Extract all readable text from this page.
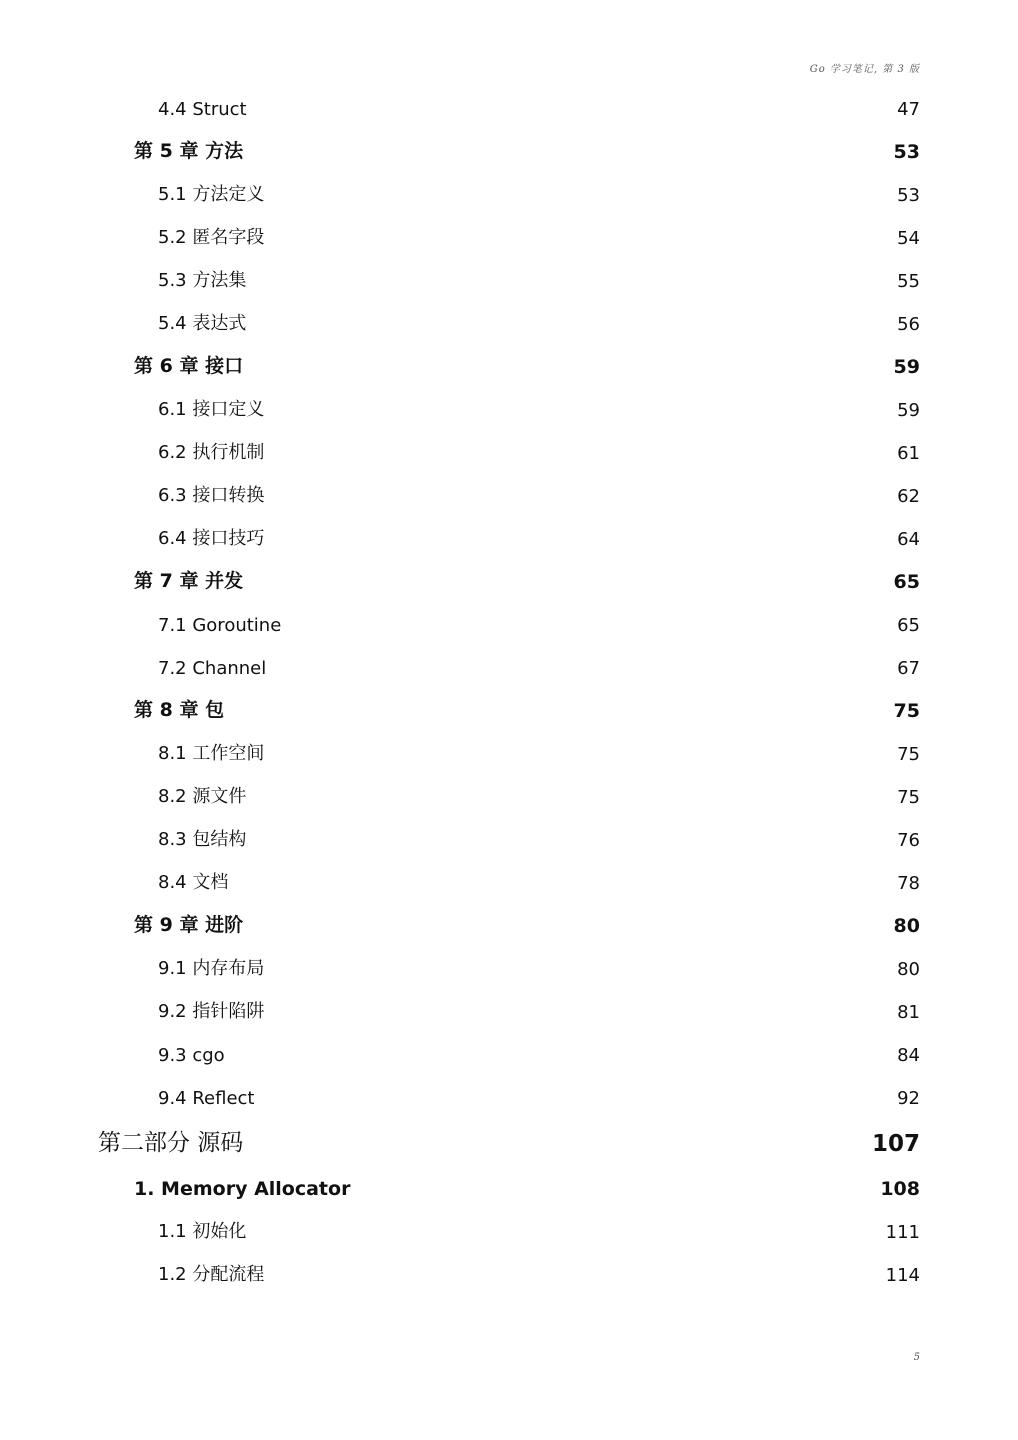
Go 学习笔记, 第 3 版
4.4 Struct	47
第 5 章 方法	53
5.1 方法定义	53
5.2 匿名字段	54
5.3 方法集	55
5.4 表达式	56
第 6 章 接口	59
6.1 接口定义	59
6.2 执行机制	61
6.3 接口转换	62
6.4 接口技巧	64
第 7 章 并发	65
7.1 Goroutine	65
7.2 Channel	67
第 8 章 包	75
8.1 工作空间	75
8.2 源文件	75
8.3 包结构	76
8.4 文档	78
第 9 章 进阶	80
9.1 内存布局	80
9.2 指针陷阱	81
9.3 cgo	84
9.4 Reflect	92
第二部分 源码	107
1. Memory Allocator	108
1.1 初始化	111
1.2 分配流程	114
5
